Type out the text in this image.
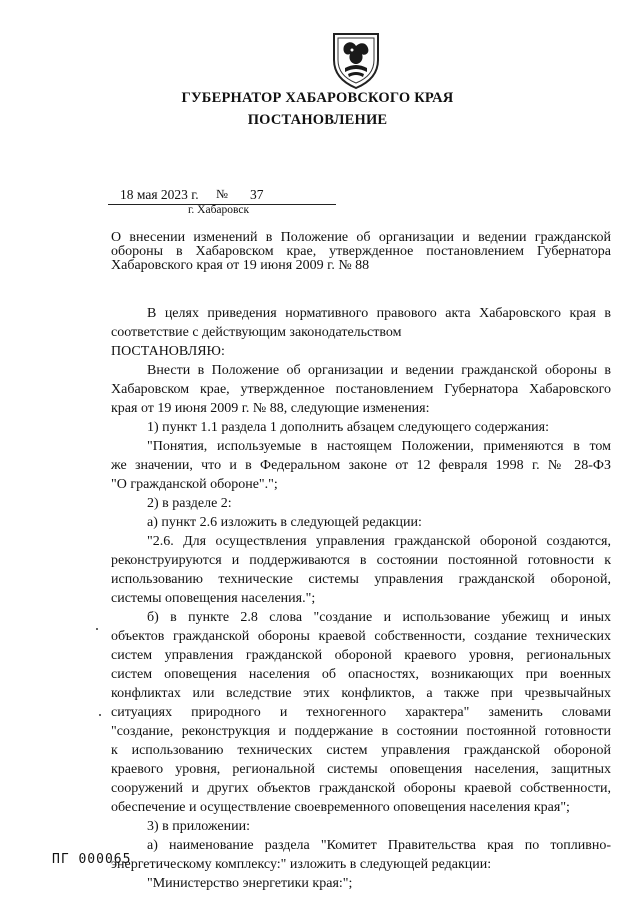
ГУБЕРНАТОР ХАБАРОВСКОГО КРАЯ
ПОСТАНОВЛЕНИЕ
18 мая 2023 г. № 37
г. Хабаровск
О внесении изменений в Положение об организации и ведении гражданской обороны в Хабаровском крае, утвержденное постановлением Губернатора Хабаровского края от 19 июня 2009 г. № 88
В целях приведения нормативного правового акта Хабаровского края в
соответствие с действующим законодательством
ПОСТАНОВЛЯЮ:
Внести в Положение об организации и ведении гражданской обороны в
Хабаровском крае, утвержденное постановлением Губернатора Хабаровского
края от 19 июня 2009 г. № 88, следующие изменения:
1) пункт 1.1 раздела 1 дополнить абзацем следующего содержания:
"Понятия, используемые в настоящем Положении, применяются в том
же значении, что и в Федеральном законе от 12 февраля 1998 г. № 28-ФЗ
"О гражданской обороне".";
2) в разделе 2:
а) пункт 2.6 изложить в следующей редакции:
"2.6. Для осуществления управления гражданской обороной создаются,
реконструируются и поддерживаются в состоянии постоянной готовности к
использованию технические системы управления гражданской обороной,
системы оповещения населения.";
б) в пункте 2.8 слова "создание и использование убежищ и иных
объектов гражданской обороны краевой собственности, создание технических
систем управления гражданской обороной краевого уровня, региональных
систем оповещения населения об опасностях, возникающих при военных
конфликтах или вследствие этих конфликтов, а также при чрезвычайных
ситуациях природного и техногенного характера" заменить словами
"создание, реконструкция и поддержание в состоянии постоянной готовности
к использованию технических систем управления гражданской обороной
краевого уровня, региональной системы оповещения населения, защитных
сооружений и других объектов гражданской обороны краевой собственности,
обеспечение и осуществление своевременного оповещения населения края";
3) в приложении:
а) наименование раздела "Комитет Правительства края по топливно-
энергетическому комплексу:" изложить в следующей редакции:
"Министерство энергетики края:";
ПГ 000065
